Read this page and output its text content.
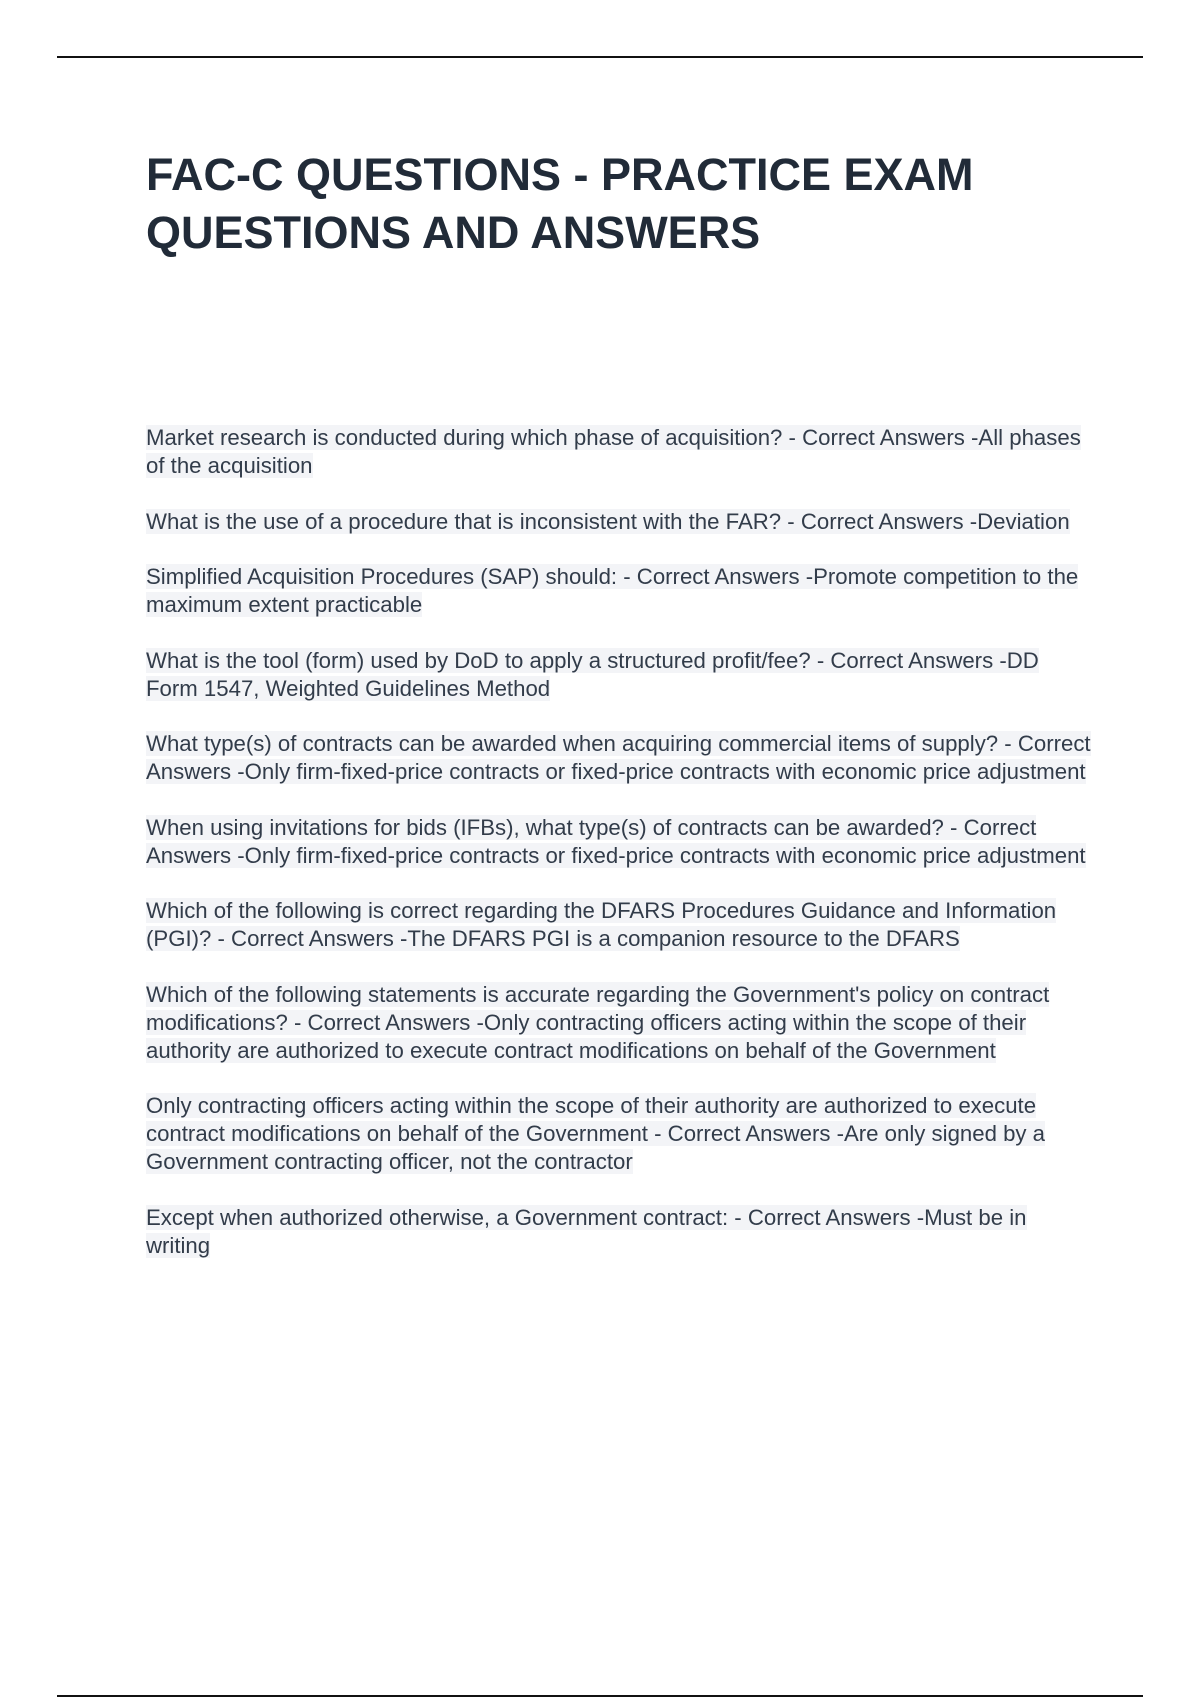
FAC-C QUESTIONS - PRACTICE EXAM QUESTIONS AND ANSWERS
Market research is conducted during which phase of acquisition? - Correct Answers -All phases of the acquisition
What is the use of a procedure that is inconsistent with the FAR? - Correct Answers -Deviation
Simplified Acquisition Procedures (SAP) should: - Correct Answers -Promote competition to the maximum extent practicable
What is the tool (form) used by DoD to apply a structured profit/fee? - Correct Answers -DD Form 1547, Weighted Guidelines Method
What type(s) of contracts can be awarded when acquiring commercial items of supply? - Correct Answers -Only firm-fixed-price contracts or fixed-price contracts with economic price adjustment
When using invitations for bids (IFBs), what type(s) of contracts can be awarded? - Correct Answers -Only firm-fixed-price contracts or fixed-price contracts with economic price adjustment
Which of the following is correct regarding the DFARS Procedures Guidance and Information (PGI)? - Correct Answers -The DFARS PGI is a companion resource to the DFARS
Which of the following statements is accurate regarding the Government's policy on contract modifications? - Correct Answers -Only contracting officers acting within the scope of their authority are authorized to execute contract modifications on behalf of the Government
Only contracting officers acting within the scope of their authority are authorized to execute contract modifications on behalf of the Government - Correct Answers -Are only signed by a Government contracting officer, not the contractor
Except when authorized otherwise, a Government contract: - Correct Answers -Must be in writing
